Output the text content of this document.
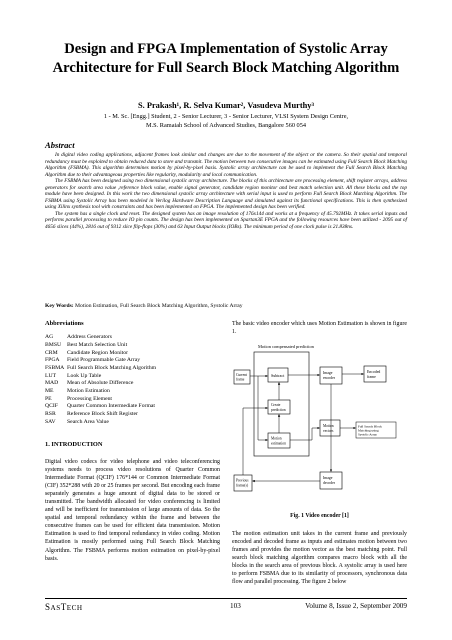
Design and FPGA Implementation of Systolic Array Architecture for Full Search Block Matching Algorithm
S. Prakash¹, R. Selva Kumar², Vasudeva Murthy³
1 - M. Sc. [Engg.] Student, 2 - Senior Lecturer, 3 - Senior Lecturer, VLSI System Design Centre,
M.S. Ramaiah School of Advanced Studies, Bangalore 560 054
Abstract

In digital video coding applications, adjacent frames look similar and changes are due to the movement of the object or the camera. So their spatial and temporal redundancy must be exploited to obtain reduced data to store and transmit. The motion between two consecutive images can be estimated using Full Search Block Matching Algorithm (FSBMA). This algorithm determines motion by pixel-by-pixel basis. Systolic array architecture can be used to implement the Full Search Block Matching Algorithm due to their advantageous properties like regularity, modularity and local communication.

The FSBMA has been designed using two dimensional systolic array architecture. The blocks of this architecture are processing element, shift register arrays, address generators for search area value ,reference block value, enable signal generator, candidate region monitor and best match selection unit. All these blocks and the top module have been designed. In this work the two dimensional systolic array architecture with serial input is used to perform Full Search Block Matching Algorithm. The FSBMA using Systolic Array has been modeled in Verilog Hardware Description Language and simulated against its functional specifications. This is then synthesized using Xilinx synthesis tool with constraints and has been implemented on FPGA. The implemented design has been verified.

The system has a single clock and reset. The designed system has an image resolution of 176x144 and works at a frequency of 45.792MHz. It takes serial inputs and performs parallel processing to reduce IO pin counts. The design has been implemented on Spartan3E FPGA and the following resources have been utilized - 2095 out of 4656 slices (44%), 2816 out of 9312 slice flip-flops (30%) and 63 Input Output blocks (IOBs). The minimum period of one clock pulse is 21.838ns.

Key Words: Motion Estimation, Full Search Block Matching Algorithm, Systolic Array
Abbreviations
AG	Address Generators
BMSU	Best Match Selection Unit
CRM	Candidate Region Monitor
FPGA	Field Programmable Gate Array
FSBMA	Full Search Block Matching Algorithm
LUT	Look Up Table
MAD	Mean of Absolute Difference
ME	Motion Estimation
PE	Processing Element
QCIF	Quarter Common Intermediate Format
RSR	Reference Block Shift Register
SAV	Search Area Value
1. INTRODUCTION

Digital video codecs for video telephone and video teleconferencing systems needs to process video resolutions of Quarter Common Intermediate Format (QCIF) 176*144 or Common Intermediate Format (CIF) 352*288 with 20 or 25 frames per second. But encoding each frame separately generates a huge amount of digital data to be stored or transmitted. The bandwidth allocated for video conferencing is limited and will be inefficient for transmission of large amounts of data. So the spatial and temporal redundancy within the frame and between the consecutive frames can be used for efficient data transmission. Motion Estimation is used to find temporal redundancy in video coding. Motion Estimation is mostly performed using Full Search Block Matching Algorithm. The FSBMA performs motion estimation on pixel-by-pixel basis.

The basic video encoder which uses Motion Estimation is shown in figure 1.

Motion compensated prediction
Current
frame
Subtract	Image
encoder
Encoded
frame
Create
prediction
Motion
estimation
Motion
vectors
Full Search Block
Matching using
Systolic Array
Previous
frame(s)
Image
decoder
Fig. 1 Video encoder [1]

The motion estimation unit takes in the current frame and previously encoded and decoded frame as inputs and estimates motion between two frames and provides the motion vector as the best matching point. Full search block matching algorithm compares macro block with all the blocks in the search area of previous block. A systolic array is used here to perform FSBMA due to its similarity of processors, synchronous data flow and parallel processing. The figure 2 below

SASTECH	103	Volume 8, Issue 2, September 2009
